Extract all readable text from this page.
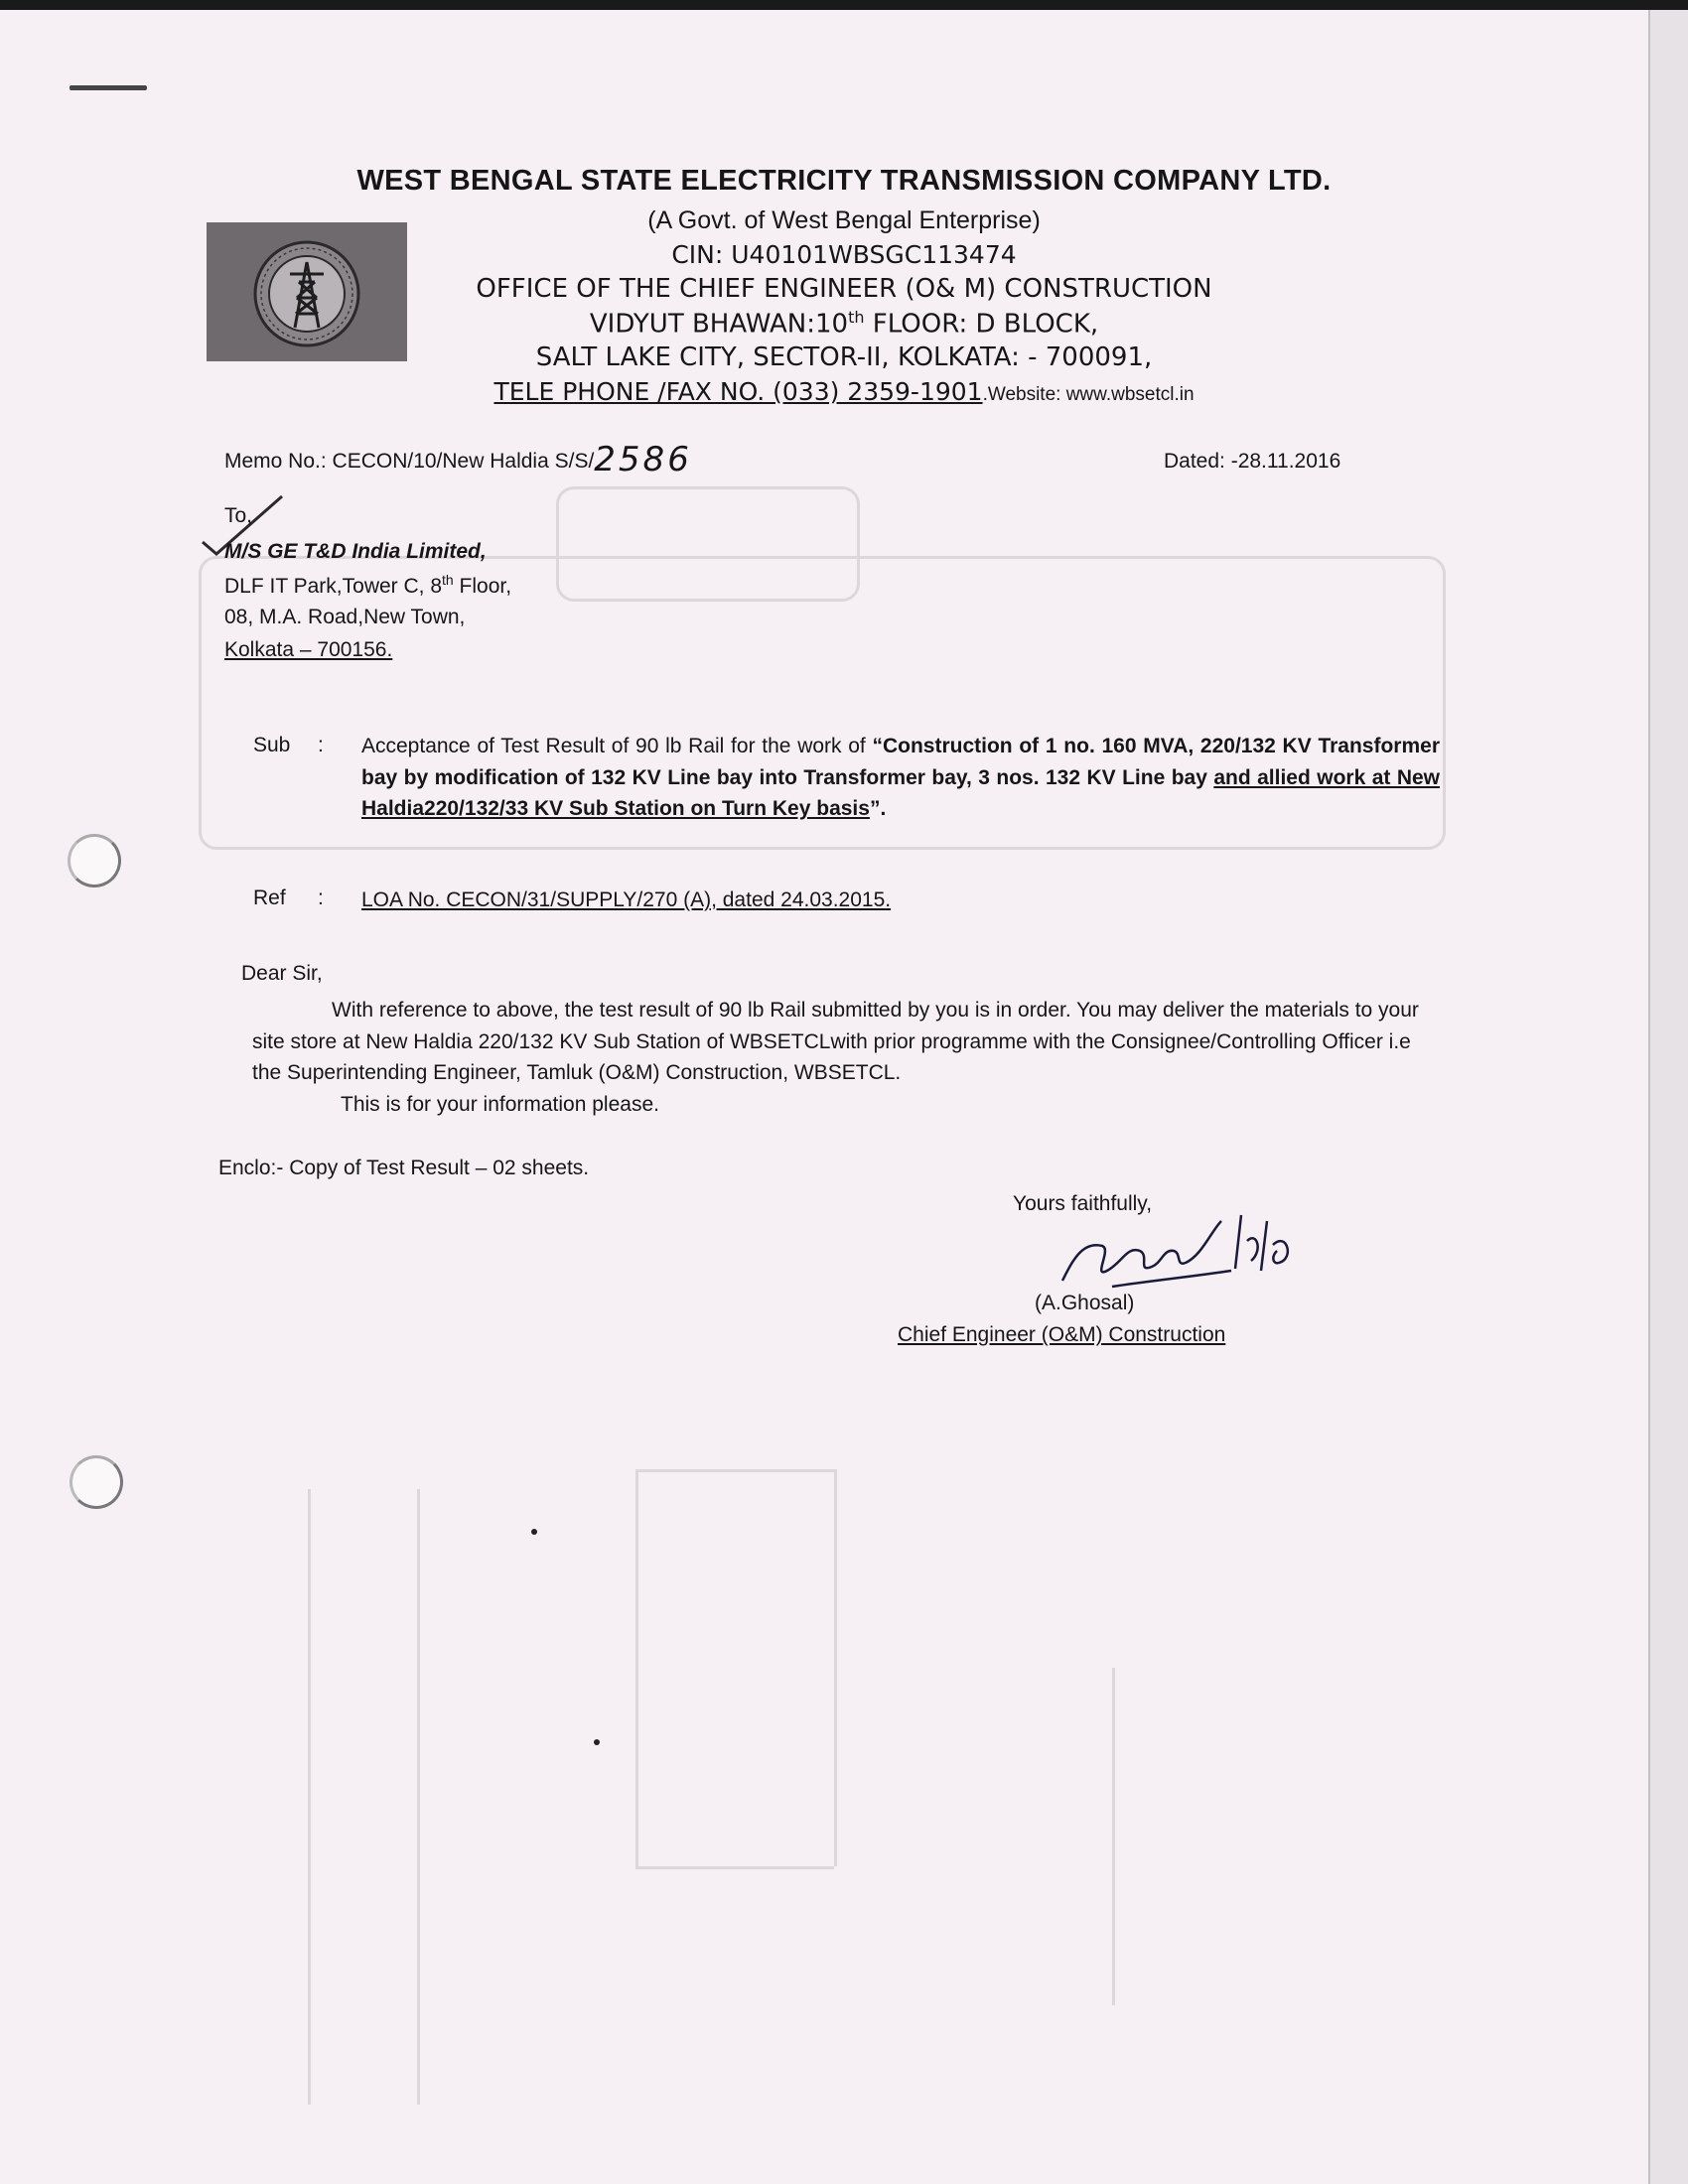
WEST BENGAL STATE ELECTRICITY TRANSMISSION COMPANY LTD.
(A Govt. of West Bengal Enterprise)
CIN: U40101WBSGC113474
OFFICE OF THE CHIEF ENGINEER (O& M) CONSTRUCTION
VIDYUT BHAWAN:10th FLOOR: D BLOCK,
SALT LAKE CITY, SECTOR-II, KOLKATA: - 700091,
TELE PHONE /FAX NO. (033) 2359-1901.Website: www.wbsetcl.in
Memo No.: CECON/10/New Haldia S/S/2586	Dated: -28.11.2016
To,
M/S GE T&D India Limited,
DLF IT Park,Tower C, 8th Floor,
08, M.A. Road,New Town,
Kolkata – 700156.
Sub : Acceptance of Test Result of 90 lb Rail for the work of “Construction of 1 no. 160 MVA, 220/132 KV Transformer bay by modification of 132 KV Line bay into Transformer bay, 3 nos. 132 KV Line bay and allied work at New Haldia220/132/33 KV Sub Station on Turn Key basis”.
Ref : LOA No. CECON/31/SUPPLY/270 (A), dated 24.03.2015.
Dear Sir,
With reference to above, the test result of 90 lb Rail submitted by you is in order. You may deliver the materials to your site store at New Haldia 220/132 KV Sub Station of WBSETCLwith prior programme with the Consignee/Controlling Officer i.e the Superintending Engineer, Tamluk (O&M) Construction, WBSETCL.
This is for your information please.
Enclo:- Copy of Test Result – 02 sheets.
Yours faithfully,
(A.Ghosal)
Chief Engineer (O&M) Construction
